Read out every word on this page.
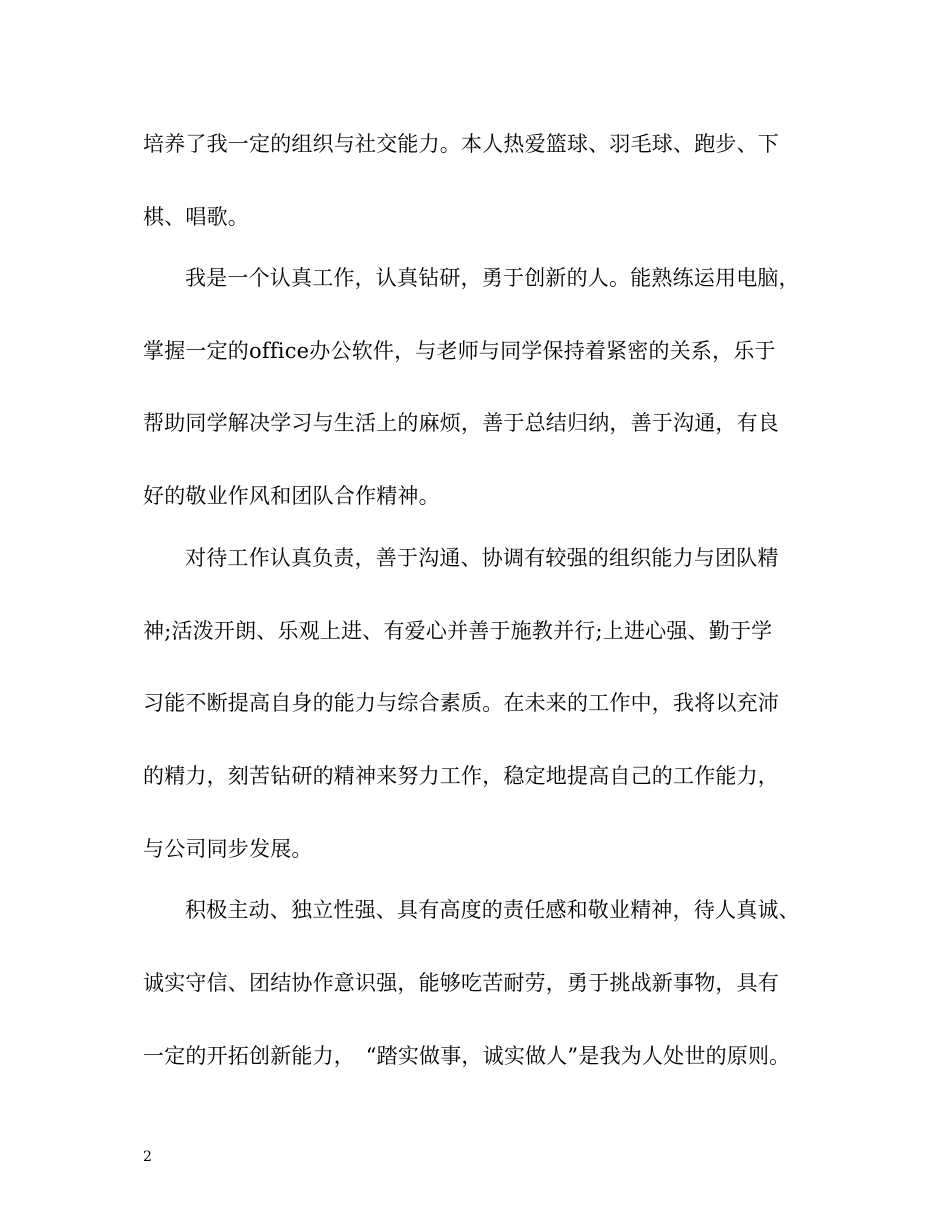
培养了我一定的组织与社交能力。本人热爱篮球、羽毛球、跑步、下
棋、唱歌。
我是一个认真工作，认真钻研，勇于创新的人。能熟练运用电脑，
掌握一定的office办公软件，与老师与同学保持着紧密的关系，乐于
帮助同学解决学习与生活上的麻烦，善于总结归纳，善于沟通，有良
好的敬业作风和团队合作精神。
对待工作认真负责，善于沟通、协调有较强的组织能力与团队精
神;活泼开朗、乐观上进、有爱心并善于施教并行;上进心强、勤于学
习能不断提高自身的能力与综合素质。在未来的工作中，我将以充沛
的精力，刻苦钻研的精神来努力工作，稳定地提高自己的工作能力，
与公司同步发展。
积极主动、独立性强、具有高度的责任感和敬业精神，待人真诚、
诚实守信、团结协作意识强，能够吃苦耐劳，勇于挑战新事物，具有
一定的开拓创新能力，　“踏实做事，诚实做人”是我为人处世的原则。
2
